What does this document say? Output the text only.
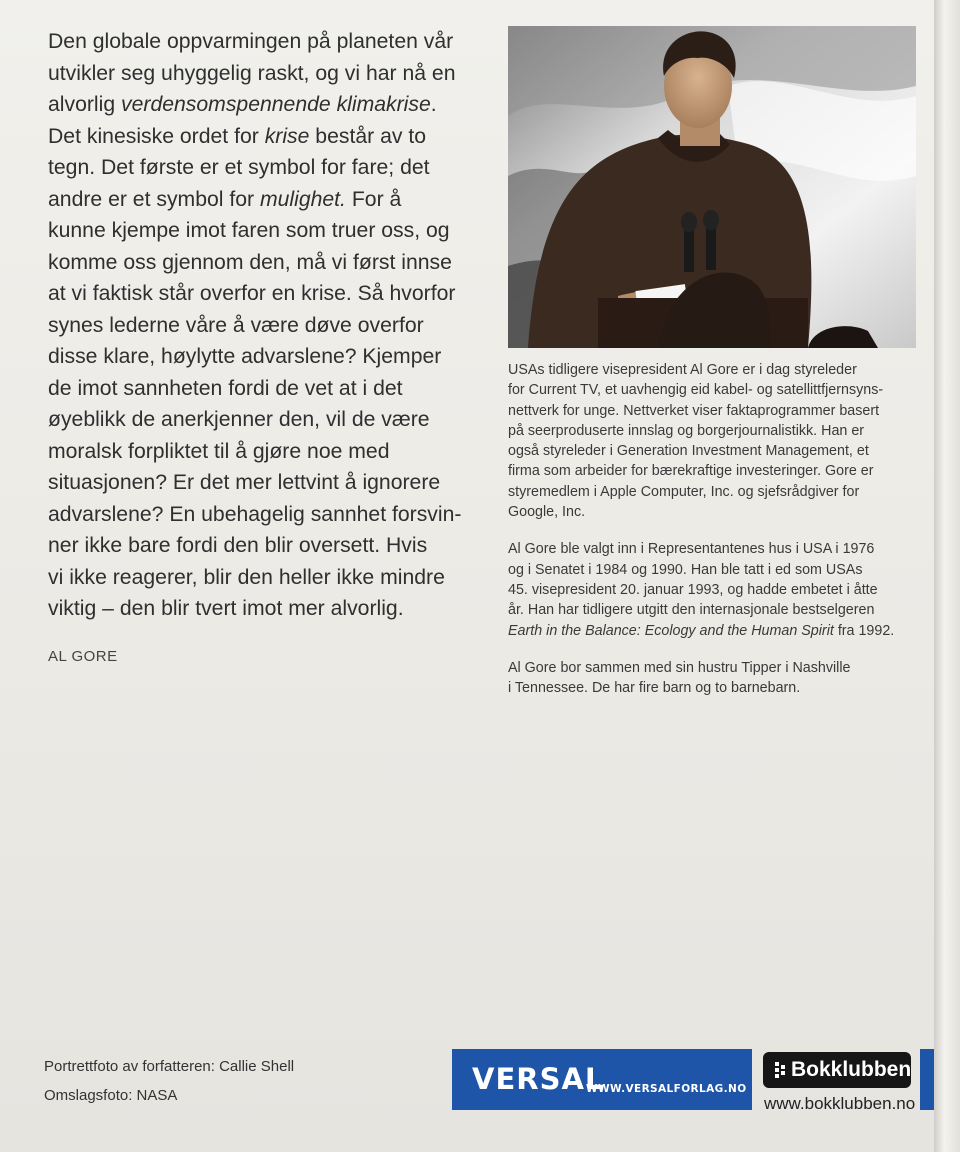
Den globale oppvarmingen på planeten vår
utvikler seg uhyggelig raskt, og vi har nå en
alvorlig verdensomspennende klimakrise.
Det kinesiske ordet for krise består av to
tegn. Det første er et symbol for fare; det
andre er et symbol for mulighet. For å
kunne kjempe imot faren som truer oss, og
komme oss gjennom den, må vi først innse
at vi faktisk står overfor en krise. Så hvorfor
synes lederne våre å være døve overfor
disse klare, høylytte advarslene? Kjemper
de imot sannheten fordi de vet at i det
øyeblikk de anerkjenner den, vil de være
moralsk forpliktet til å gjøre noe med
situasjonen? Er det mer lettvint å ignorere
advarslene? En ubehagelig sannhet forsvin-
ner ikke bare fordi den blir oversett. Hvis
vi ikke reagerer, blir den heller ikke mindre
viktig – den blir tvert imot mer alvorlig.
AL GORE

USAs tidligere visepresident Al Gore er i dag styreleder
for Current TV, et uavhengig eid kabel- og satellittfjernsyns-
nettverk for unge. Nettverket viser faktaprogrammer basert
på seerproduserte innslag og borgerjournalistikk. Han er
også styreleder i Generation Investment Management, et
firma som arbeider for bærekraftige investeringer. Gore er
styremedlem i Apple Computer, Inc. og sjefsrådgiver for
Google, Inc.

Al Gore ble valgt inn i Representantenes hus i USA i 1976
og i Senatet i 1984 og 1990. Han ble tatt i ed som USAs
45. visepresident 20. januar 1993, og hadde embetet i åtte
år. Han har tidligere utgitt den internasjonale bestselgeren
Earth in the Balance: Ecology and the Human Spirit fra 1992.

Al Gore bor sammen med sin hustru Tipper i Nashville
i Tennessee. De har fire barn og to barnebarn.

Portrettfoto av forfatteren: Callie Shell
Omslagsfoto: NASA	VERSAL
WWW.VERSALFORLAG.NO
Bokklubben
www.bokklubben.no
